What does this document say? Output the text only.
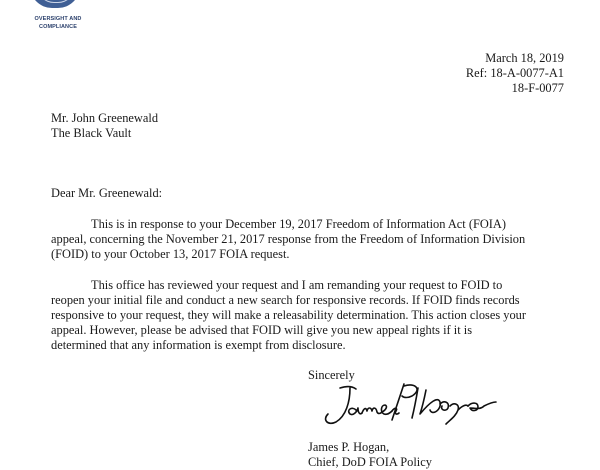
OVERSIGHT AND
COMPLIANCE
March 18, 2019
Ref: 18-A-0077-A1
18-F-0077
Mr. John Greenewald
The Black Vault
Dear Mr. Greenewald:
This is in response to your December 19, 2017 Freedom of Information Act (FOIA)
appeal, concerning the November 21, 2017 response from the Freedom of Information Division
(FOID) to your October 13, 2017 FOIA request.
This office has reviewed your request and I am remanding your request to FOID to
reopen your initial file and conduct a new search for responsive records. If FOID finds records
responsive to your request, they will make a releasability determination. This action closes your
appeal. However, please be advised that FOID will give you new appeal rights if it is
determined that any information is exempt from disclosure.
Sincerely
James P. Hogan,
Chief, DoD FOIA Policy
